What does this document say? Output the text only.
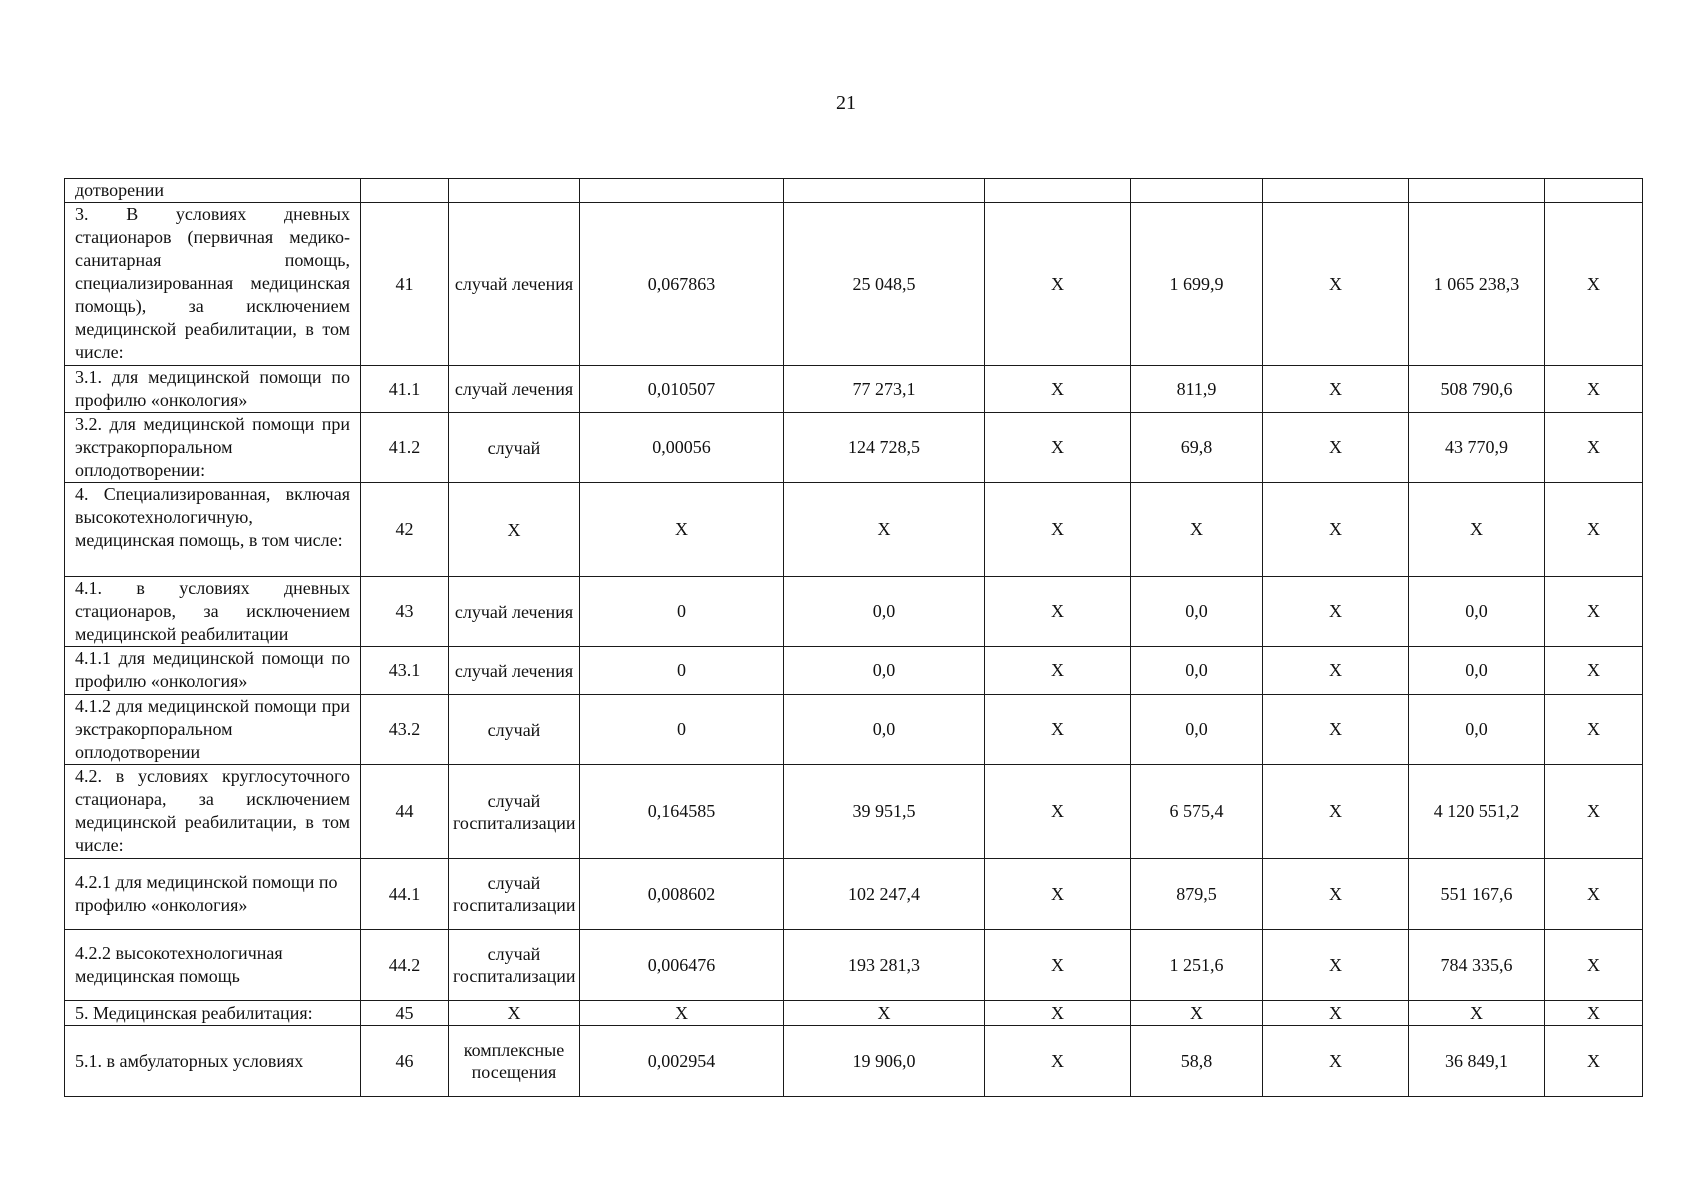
21
дотворении									
3. В условиях дневных стационаров (первичная медико-санитарная помощь, специализированная медицинская помощь), за исключением медицинской реабилитации, в том числе:	41	случай лечения	0,067863	25 048,5	X	1 699,9	X	1 065 238,3	X
3.1. для медицинской помощи по профилю «онкология»	41.1	случай лечения	0,010507	77 273,1	X	811,9	X	508 790,6	X
3.2. для медицинской помощи при экстракорпоральном оплодотворении:	41.2	случай	0,00056	124 728,5	X	69,8	X	43 770,9	X
4. Специализированная, включая высокотехнологичную, медицинская помощь, в том числе:	42	X	X	X	X	X	X	X	X
4.1. в условиях дневных стационаров, за исключением медицинской реабилитации	43	случай лечения	0	0,0	X	0,0	X	0,0	X
4.1.1 для медицинской помощи по профилю «онкология»	43.1	случай лечения	0	0,0	X	0,0	X	0,0	X
4.1.2 для медицинской помощи при экстракорпоральном оплодотворении	43.2	случай	0	0,0	X	0,0	X	0,0	X
4.2. в условиях круглосуточного стационара, за исключением медицинской реабилитации, в том числе:	44	случай госпитализации	0,164585	39 951,5	X	6 575,4	X	4 120 551,2	X
4.2.1 для медицинской помощи по профилю «онкология»	44.1	случай госпитализации	0,008602	102 247,4	X	879,5	X	551 167,6	X
4.2.2 высокотехнологичная медицинская помощь	44.2	случай госпитализации	0,006476	193 281,3	X	1 251,6	X	784 335,6	X
5. Медицинская реабилитация:	45	X	X	X	X	X	X	X	X
5.1. в амбулаторных условиях	46	комплексные посещения	0,002954	19 906,0	X	58,8	X	36 849,1	X
